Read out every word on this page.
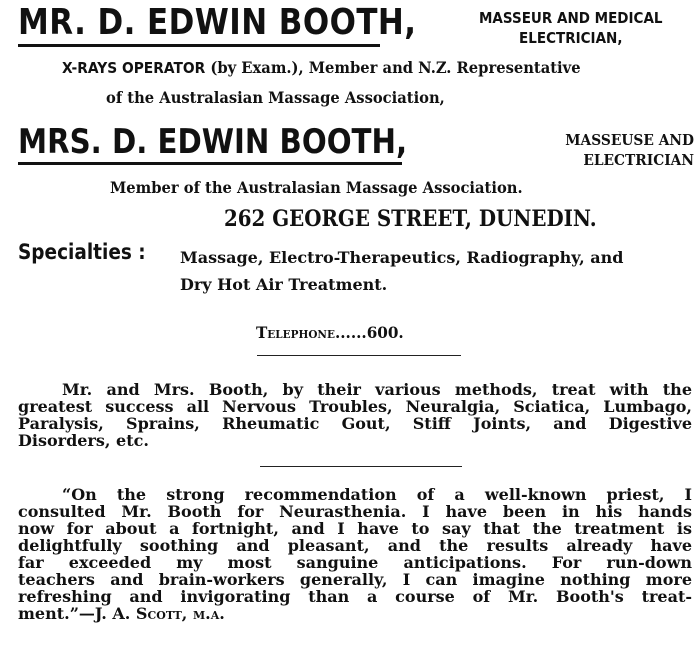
MR. D. EDWIN BOOTH,	MASSEUR AND MEDICAL
ELECTRICIAN,
X-RAYS OPERATOR (by Exam.), Member and N.Z. Representative
of the Australasian Massage Association,
MRS. D. EDWIN BOOTH,	MASSEUSE AND
ELECTRICIAN
Member of the Australasian Massage Association.
262 GEORGE STREET, DUNEDIN.
Specialties : Massage, Electro-Therapeutics, Radiography, and
Dry Hot Air Treatment.
Telephone......600.
Mr. and Mrs. Booth, by their various methods, treat with the
greatest success all Nervous Troubles, Neuralgia, Sciatica, Lumbago,
Paralysis, Sprains, Rheumatic Gout, Stiff Joints, and Digestive
Disorders, etc.
“On the strong recommendation of a well-known priest, I
consulted Mr. Booth for Neurasthenia. I have been in his hands
now for about a fortnight, and I have to say that the treatment is
delightfully soothing and pleasant, and the results already have
far exceeded my most sanguine anticipations. For run-down
teachers and brain-workers generally, I can imagine nothing more
refreshing and invigorating than a course of Mr. Booth's treat-
ment.”—J. A. Scott, m.a.
